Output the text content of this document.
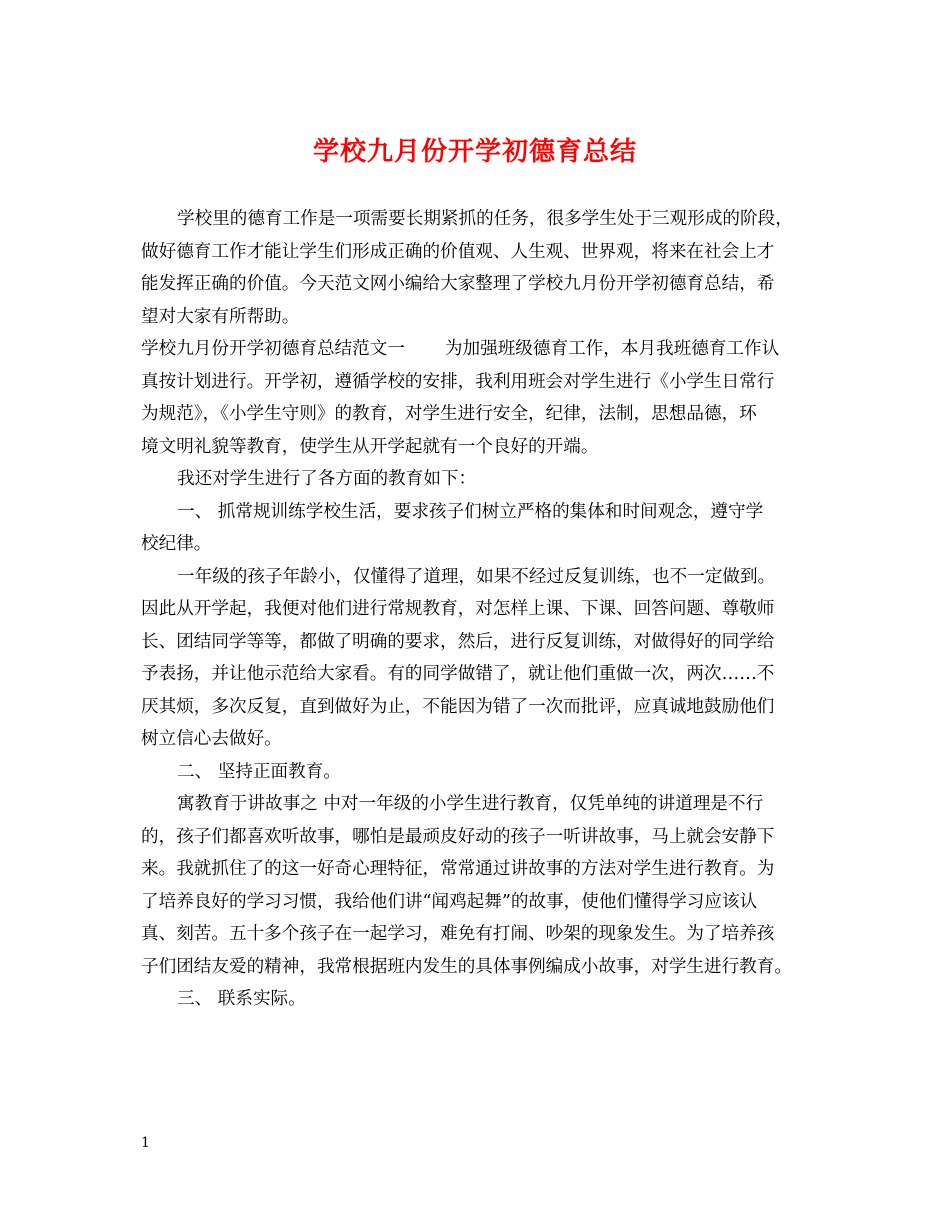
学校九月份开学初德育总结
学校里的德育工作是一项需要长期紧抓的任务，很多学生处于三观形成的阶段，
做好德育工作才能让学生们形成正确的价值观、人生观、世界观，将来在社会上才
能发挥正确的价值。今天范文网小编给大家整理了学校九月份开学初德育总结，希
望对大家有所帮助。
学校九月份开学初德育总结范文一 为加强班级德育工作，本月我班德育工作认
真按计划进行。开学初，遵循学校的安排，我利用班会对学生进行《小学生日常行
为规范》，《小学生守则》的教育，对学生进行安全，纪律，法制，思想品德，环
境文明礼貌等教育，使学生从开学起就有一个良好的开端。
我还对学生进行了各方面的教育如下：
一、 抓常规训练学校生活，要求孩子们树立严格的集体和时间观念，遵守学
校纪律。
一年级的孩子年龄小，仅懂得了道理，如果不经过反复训练，也不一定做到。
因此从开学起，我便对他们进行常规教育，对怎样上课、下课、回答问题、尊敬师
长、团结同学等等，都做了明确的要求，然后，进行反复训练，对做得好的同学给
予表扬，并让他示范给大家看。有的同学做错了，就让他们重做一次，两次……不
厌其烦，多次反复，直到做好为止，不能因为错了一次而批评，应真诚地鼓励他们
树立信心去做好。
二、 坚持正面教育。
寓教育于讲故事之 中对一年级的小学生进行教育，仅凭单纯的讲道理是不行
的，孩子们都喜欢听故事，哪怕是最顽皮好动的孩子一听讲故事，马上就会安静下
来。我就抓住了的这一好奇心理特征，常常通过讲故事的方法对学生进行教育。为
了培养良好的学习习惯，我给他们讲“闻鸡起舞”的故事，使他们懂得学习应该认
真、刻苦。五十多个孩子在一起学习，难免有打闹、吵架的现象发生。为了培养孩
子们团结友爱的精神，我常根据班内发生的具体事例编成小故事，对学生进行教育。
三、 联系实际。
1
